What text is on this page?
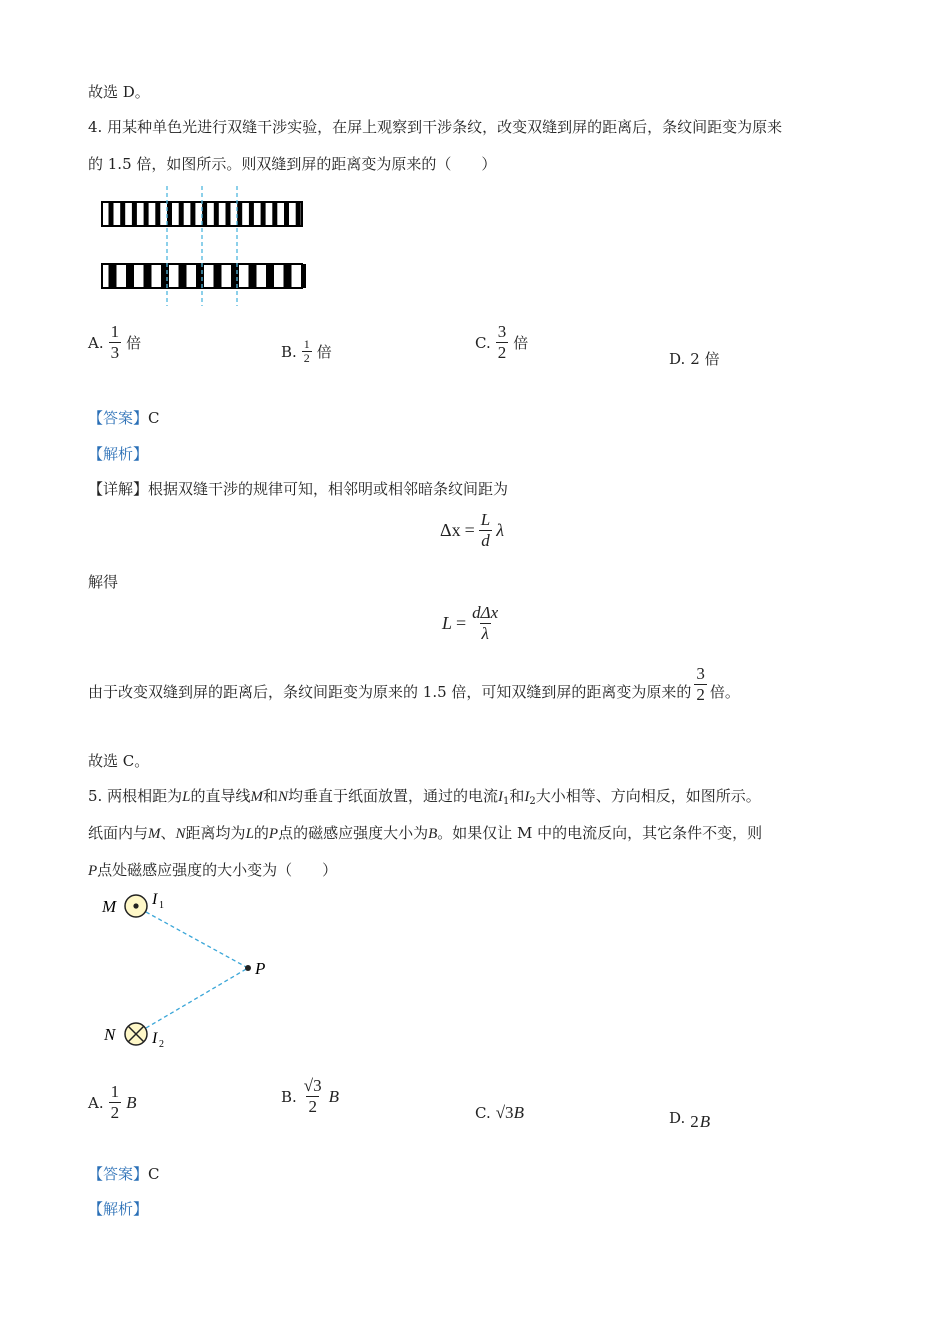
故选 D。
4. 用某种单色光进行双缝干涉实验，在屏上观察到干涉条纹，改变双缝到屏的距离后，条纹间距变为原来
的 1.5 倍，如图所示。则双缝到屏的距离变为原来的（　　）
A. $\frac{1}{3}$ 倍	B. $\frac{1}{2}$ 倍
C. $\frac{3}{2}$ 倍
D. 2 倍
【答案】C
【解析】
【详解】根据双缝干涉的规律可知，相邻明或相邻暗条纹间距为
$\Delta x = \frac{L}{d}$ λ
解得
$L = \frac{\text{dΔx}}{\lambda}$
由于改变双缝到屏的距离后，条纹间距变为原来的 1.5 倍，可知双缝到屏的距离变为原来的 $\frac{3}{2}$ 倍。
故选 C。
5. 两根相距为L的直导线M和N均垂直于纸面放置，通过的电流$I_1$和$I_2$大小相等、方向相反，如图所示。
纸面内与M、N距离均为L的P点的磁感应强度大小为B。如果仅让 M 中的电流反向，其它条件不变，则
P点处磁感应强度的大小变为（　　）
M
N
P
I 1
I 2
A. $\frac{1}{2}$ B	B. $\frac{√3}{2}$ B
C. √3 B	D. 2 B
【答案】C
【解析】
